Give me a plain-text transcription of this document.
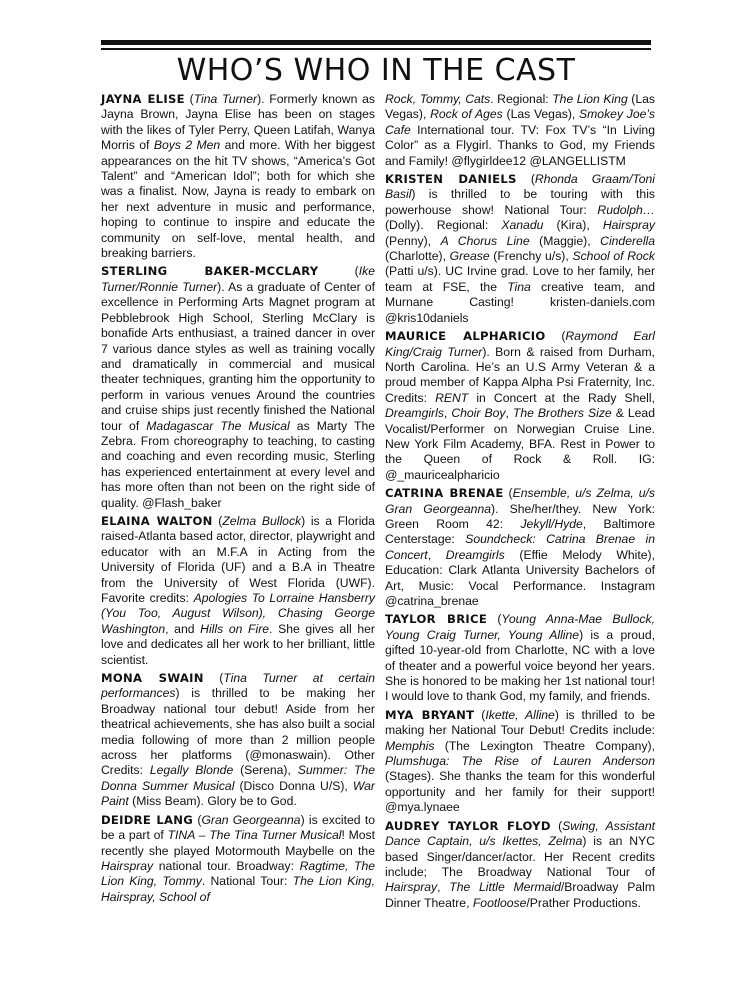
WHO’S WHO IN THE CAST

JAYNA ELISE (Tina Turner). Formerly known as Jayna Brown, Jayna Elise has been on stages with the likes of Tyler Perry, Queen Latifah, Wanya Morris of Boys 2 Men and more. With her biggest appearances on the hit TV shows, “America’s Got Talent” and “American Idol”; both for which she was a finalist. Now, Jayna is ready to embark on her next adventure in music and performance, hoping to continue to inspire and educate the community on self-love, mental health, and breaking barriers.

STERLING BAKER-MCCLARY (Ike Turner/Ronnie Turner). As a graduate of Center of excellence in Performing Arts Magnet program at Pebblebrook High School, Sterling McClary is bonafide Arts enthusiast, a trained dancer in over 7 various dance styles as well as training vocally and dramatically in commercial and musical theater techniques, granting him the opportunity to perform in various venues Around the countries and cruise ships just recently finished the National tour of Madagascar The Musical as Marty The Zebra. From choreography to teaching, to casting and coaching and even recording music, Sterling has experienced entertainment at every level and has more often than not been on the right side of quality. @Flash_baker

ELAINA WALTON (Zelma Bullock) is a Florida raised-Atlanta based actor, director, playwright and educator with an M.F.A in Acting from the University of Florida (UF) and a B.A in Theatre from the University of West Florida (UWF). Favorite credits: Apologies To Lorraine Hansberry (You Too, August Wilson), Chasing George Washington, and Hills on Fire. She gives all her love and dedicates all her work to her brilliant, little scientist.

MONA SWAIN (Tina Turner at certain performances) is thrilled to be making her Broadway national tour debut! Aside from her theatrical achievements, she has also built a social media following of more than 2 million people across her platforms (@monaswain). Other Credits: Legally Blonde (Serena), Summer: The Donna Summer Musical (Disco Donna U/S), War Paint (Miss Beam). Glory be to God.

DEIDRE LANG (Gran Georgeanna) is excited to be a part of TINA – The Tina Turner Musical! Most recently she played Motormouth Maybelle on the Hairspray national tour. Broadway: Ragtime, The Lion King, Tommy. National Tour: The Lion King, Hairspray, School of

Rock, Tommy, Cats. Regional: The Lion King (Las Vegas), Rock of Ages (Las Vegas), Smokey Joe’s Cafe International tour. TV: Fox TV’s “In Living Color” as a Flygirl. Thanks to God, my Friends and Family! @flygirldee12 @LANGELLISTM

KRISTEN DANIELS (Rhonda Graam/Toni Basil) is thrilled to be touring with this powerhouse show! National Tour: Rudolph… (Dolly). Regional: Xanadu (Kira), Hairspray (Penny), A Chorus Line (Maggie), Cinderella (Charlotte), Grease (Frenchy u/s), School of Rock (Patti u/s). UC Irvine grad. Love to her family, her team at FSE, the Tina creative team, and Murnane Casting! kristen-daniels.com @kris10daniels

MAURICE ALPHARICIO (Raymond Earl King/Craig Turner). Born & raised from Durham, North Carolina. He’s an U.S Army Veteran & a proud member of Kappa Alpha Psi Fraternity, Inc. Credits: RENT in Concert at the Rady Shell, Dreamgirls, Choir Boy, The Brothers Size & Lead Vocalist/Performer on Norwegian Cruise Line. New York Film Academy, BFA. Rest in Power to the Queen of Rock & Roll. IG: @_mauricealpharicio

CATRINA BRENAE (Ensemble, u/s Zelma, u/s Gran Georgeanna). She/her/they. New York: Green Room 42: Jekyll/Hyde, Baltimore Centerstage: Soundcheck: Catrina Brenae in Concert, Dreamgirls (Effie Melody White), Education: Clark Atlanta University Bachelors of Art, Music: Vocal Performance. Instagram @catrina_brenae

TAYLOR BRICE (Young Anna-Mae Bullock, Young Craig Turner, Young Alline) is a proud, gifted 10-year-old from Charlotte, NC with a love of theater and a powerful voice beyond her years. She is honored to be making her 1st national tour! I would love to thank God, my family, and friends.

MYA BRYANT (Ikette, Alline) is thrilled to be making her National Tour Debut! Credits include: Memphis (The Lexington Theatre Company), Plumshuga: The Rise of Lauren Anderson (Stages). She thanks the team for this wonderful opportunity and her family for their support! @mya.lynaee

AUDREY TAYLOR FLOYD (Swing, Assistant Dance Captain, u/s Ikettes, Zelma) is an NYC based Singer/dancer/actor. Her Recent credits include; The Broadway National Tour of Hairspray, The Little Mermaid/Broadway Palm Dinner Theatre, Footloose/Prather Productions.
